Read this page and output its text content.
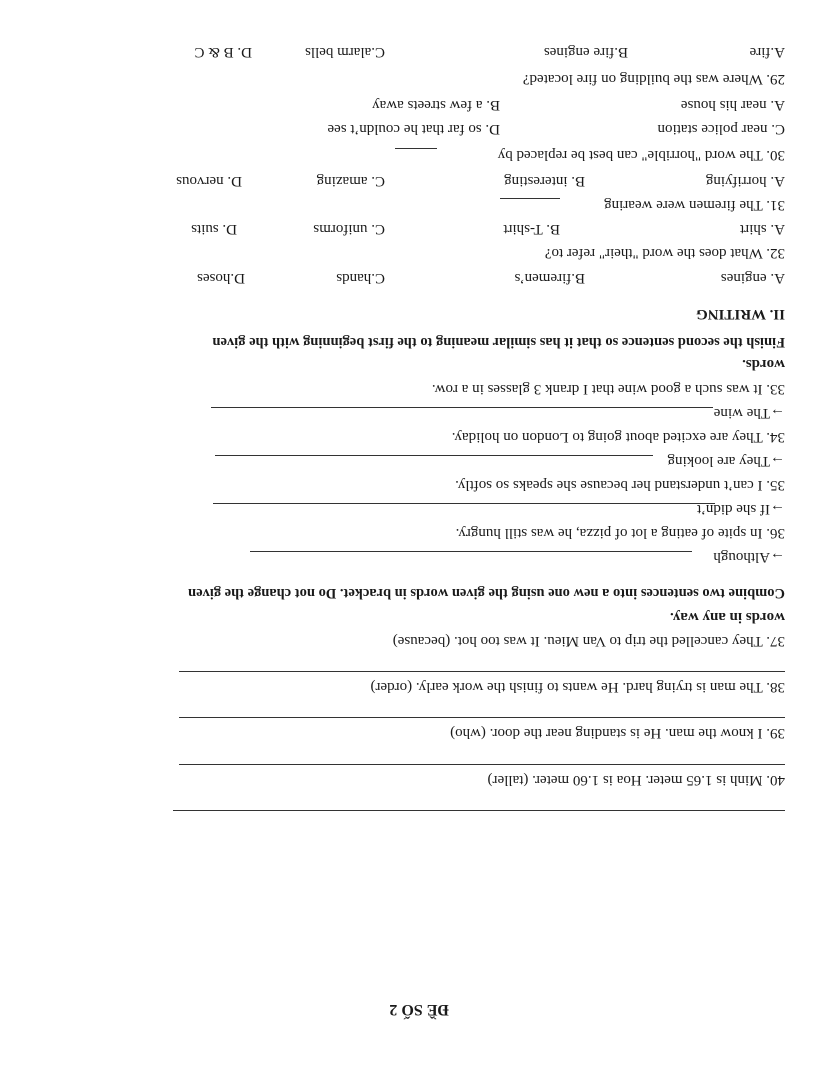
A.fire
B.fire engines
C.alarm bells
D. B & C
29. Where was the building on fire located?
A. near his house
B. a few streets away
C. near police station
D. so far that he couldn’t see
30. The word "horrible" can best be replaced by
A. horrifying
B. interesting
C. amazing
D. nervous
31. The firemen were wearing
A. shirt
B. T-shirt
C. uniforms
D. suits
32. What does the word "their" refer to?
A. engines
B.firemen’s
C.hands
D.hoses
II. WRITING
Finish the second sentence so that it has similar meaning to the first beginning with the given
words.
33. It was such a good wine that I drank 3 glasses in a row.
→The wine
34. They are excited about going to London on holiday.
→They are looking
35. I can’t understand her because she speaks so softly.
→If she didn’t
36. In spite of eating a lot of pizza, he was still hungry.
→Although
Combine two sentences into a new one using the given words in bracket. Do not change the given
words in any way.
37. They cancelled the trip to Van Mieu. It was too hot. (because)
38. The man is trying hard. He wants to finish the work early. (order)
39. I know the man. He is standing near the door. (who)
40. Minh is 1.65 meter. Hoa is 1.60 meter. (taller)
ĐỀ SỐ 2
